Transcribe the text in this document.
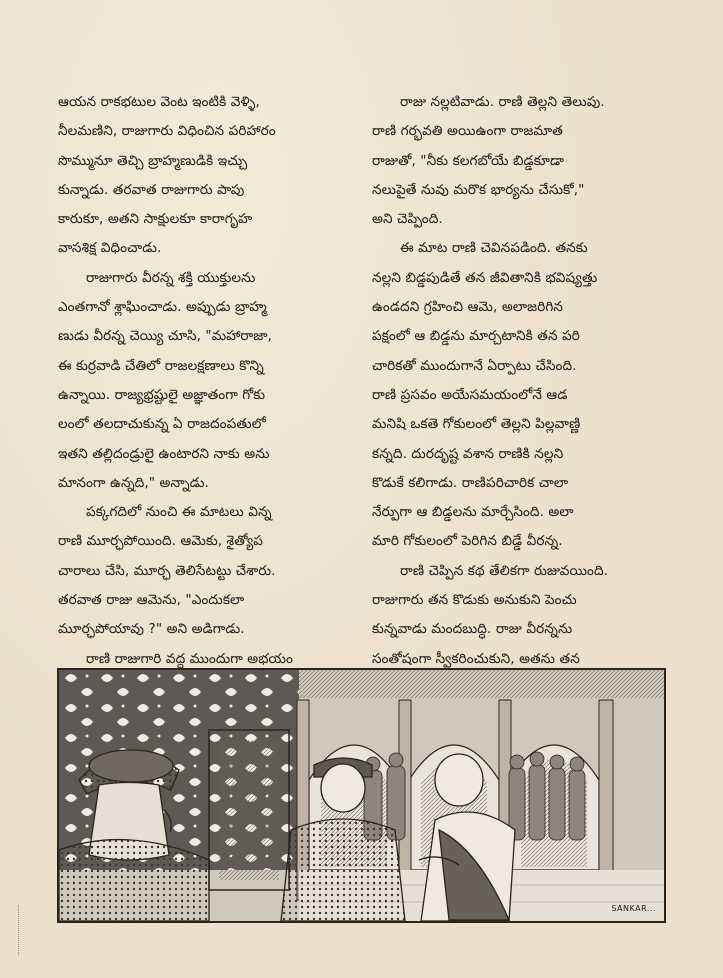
ఆయన రాకభటుల వెంట ఇంటికి వెళ్ళి,

నీలమణిని, రాజుగారు విధించిన పరిహారం

సొమ్మునూ తెచ్చి బ్రాహ్మణుడికి ఇచ్చు

కున్నాడు. తరవాత రాజుగారు పాపు

కారుకూ, అతని సాక్షులకూ కారాగృహ

వాసశిక్ష విధించాడు.

రాజుగారు వీరన్న శక్తి యుక్తులను

ఎంతగానో శ్లాఘించాడు. అప్పుడు బ్రాహ్మ

ణుడు వీరన్న చెయ్యి చూసి, "మహారాజా,

ఈ కుర్రవాడి చేతిలో రాజలక్షణాలు కొన్ని

ఉన్నాయి. రాజ్యభ్రష్టులై అజ్ఞాతంగా గోకు

లంలో తలదాచుకున్న ఏ రాజదంపతులో

ఇతని తల్లిదండ్రులై ఉంటారని నాకు అను

మానంగా ఉన్నది," అన్నాడు.

పక్కగదిలో నుంచి ఈ మాటలు విన్న

రాణి మూర్ఛపోయింది. ఆమెకు, శైత్యోప

చారాలు చేసి, మూర్ఛ తెలిసేటట్టు చేశారు.

తరవాత రాజు ఆమెను, "ఎందుకలా

మూర్ఛపోయావు ?" అని అడిగాడు.

రాణి రాజుగారి వద్ద ముందుగా అభయం

రాజు నల్లటివాడు. రాణి తెల్లని తెలుపు.

రాణి గర్భవతి అయిఉంగా రాజమాత

రాజుతో, "నీకు కలగబోయే బిడ్డకూడా

నలుపైతే నువు మరొక భార్యను చేసుకో,"

అని చెప్పింది.

ఈ మాట రాణి చెవినపడింది. తనకు

నల్లని బిడ్డపుడితే తన జీవితానికి భవిష్యత్తు

ఉండదని గ్రహించి ఆమె, అలాజరిగిన

పక్షంలో ఆ బిడ్డను మార్చటానికి తన పరి

చారికతో ముందుగానే ఏర్పాటు చేసింది.

రాణి ప్రసవం అయేసమయంలోనే ఆడ

మనిషి ఒకతె గోకులంలో తెల్లని పిల్లవాణ్ణి

కన్నది. దురదృష్ట వశాన రాణికి నల్లని

కొడుకే కలిగాడు. రాణిపరిచారిక చాలా

నేర్పుగా ఆ బిడ్డలను మార్చేసింది. అలా

మారి గోకులంలో పెరిగిన బిడ్డే వీరన్న.

రాణి చెప్పిన కథ తేలికగా రుజువయింది.

రాజుగారు తన కొడుకు అనుకుని పెంచు

కున్నవాడు మందబుద్ధి. రాజు వీరన్నను

సంతోషంగా స్వీకరించుకుని, అతను తన

SANKAR...
